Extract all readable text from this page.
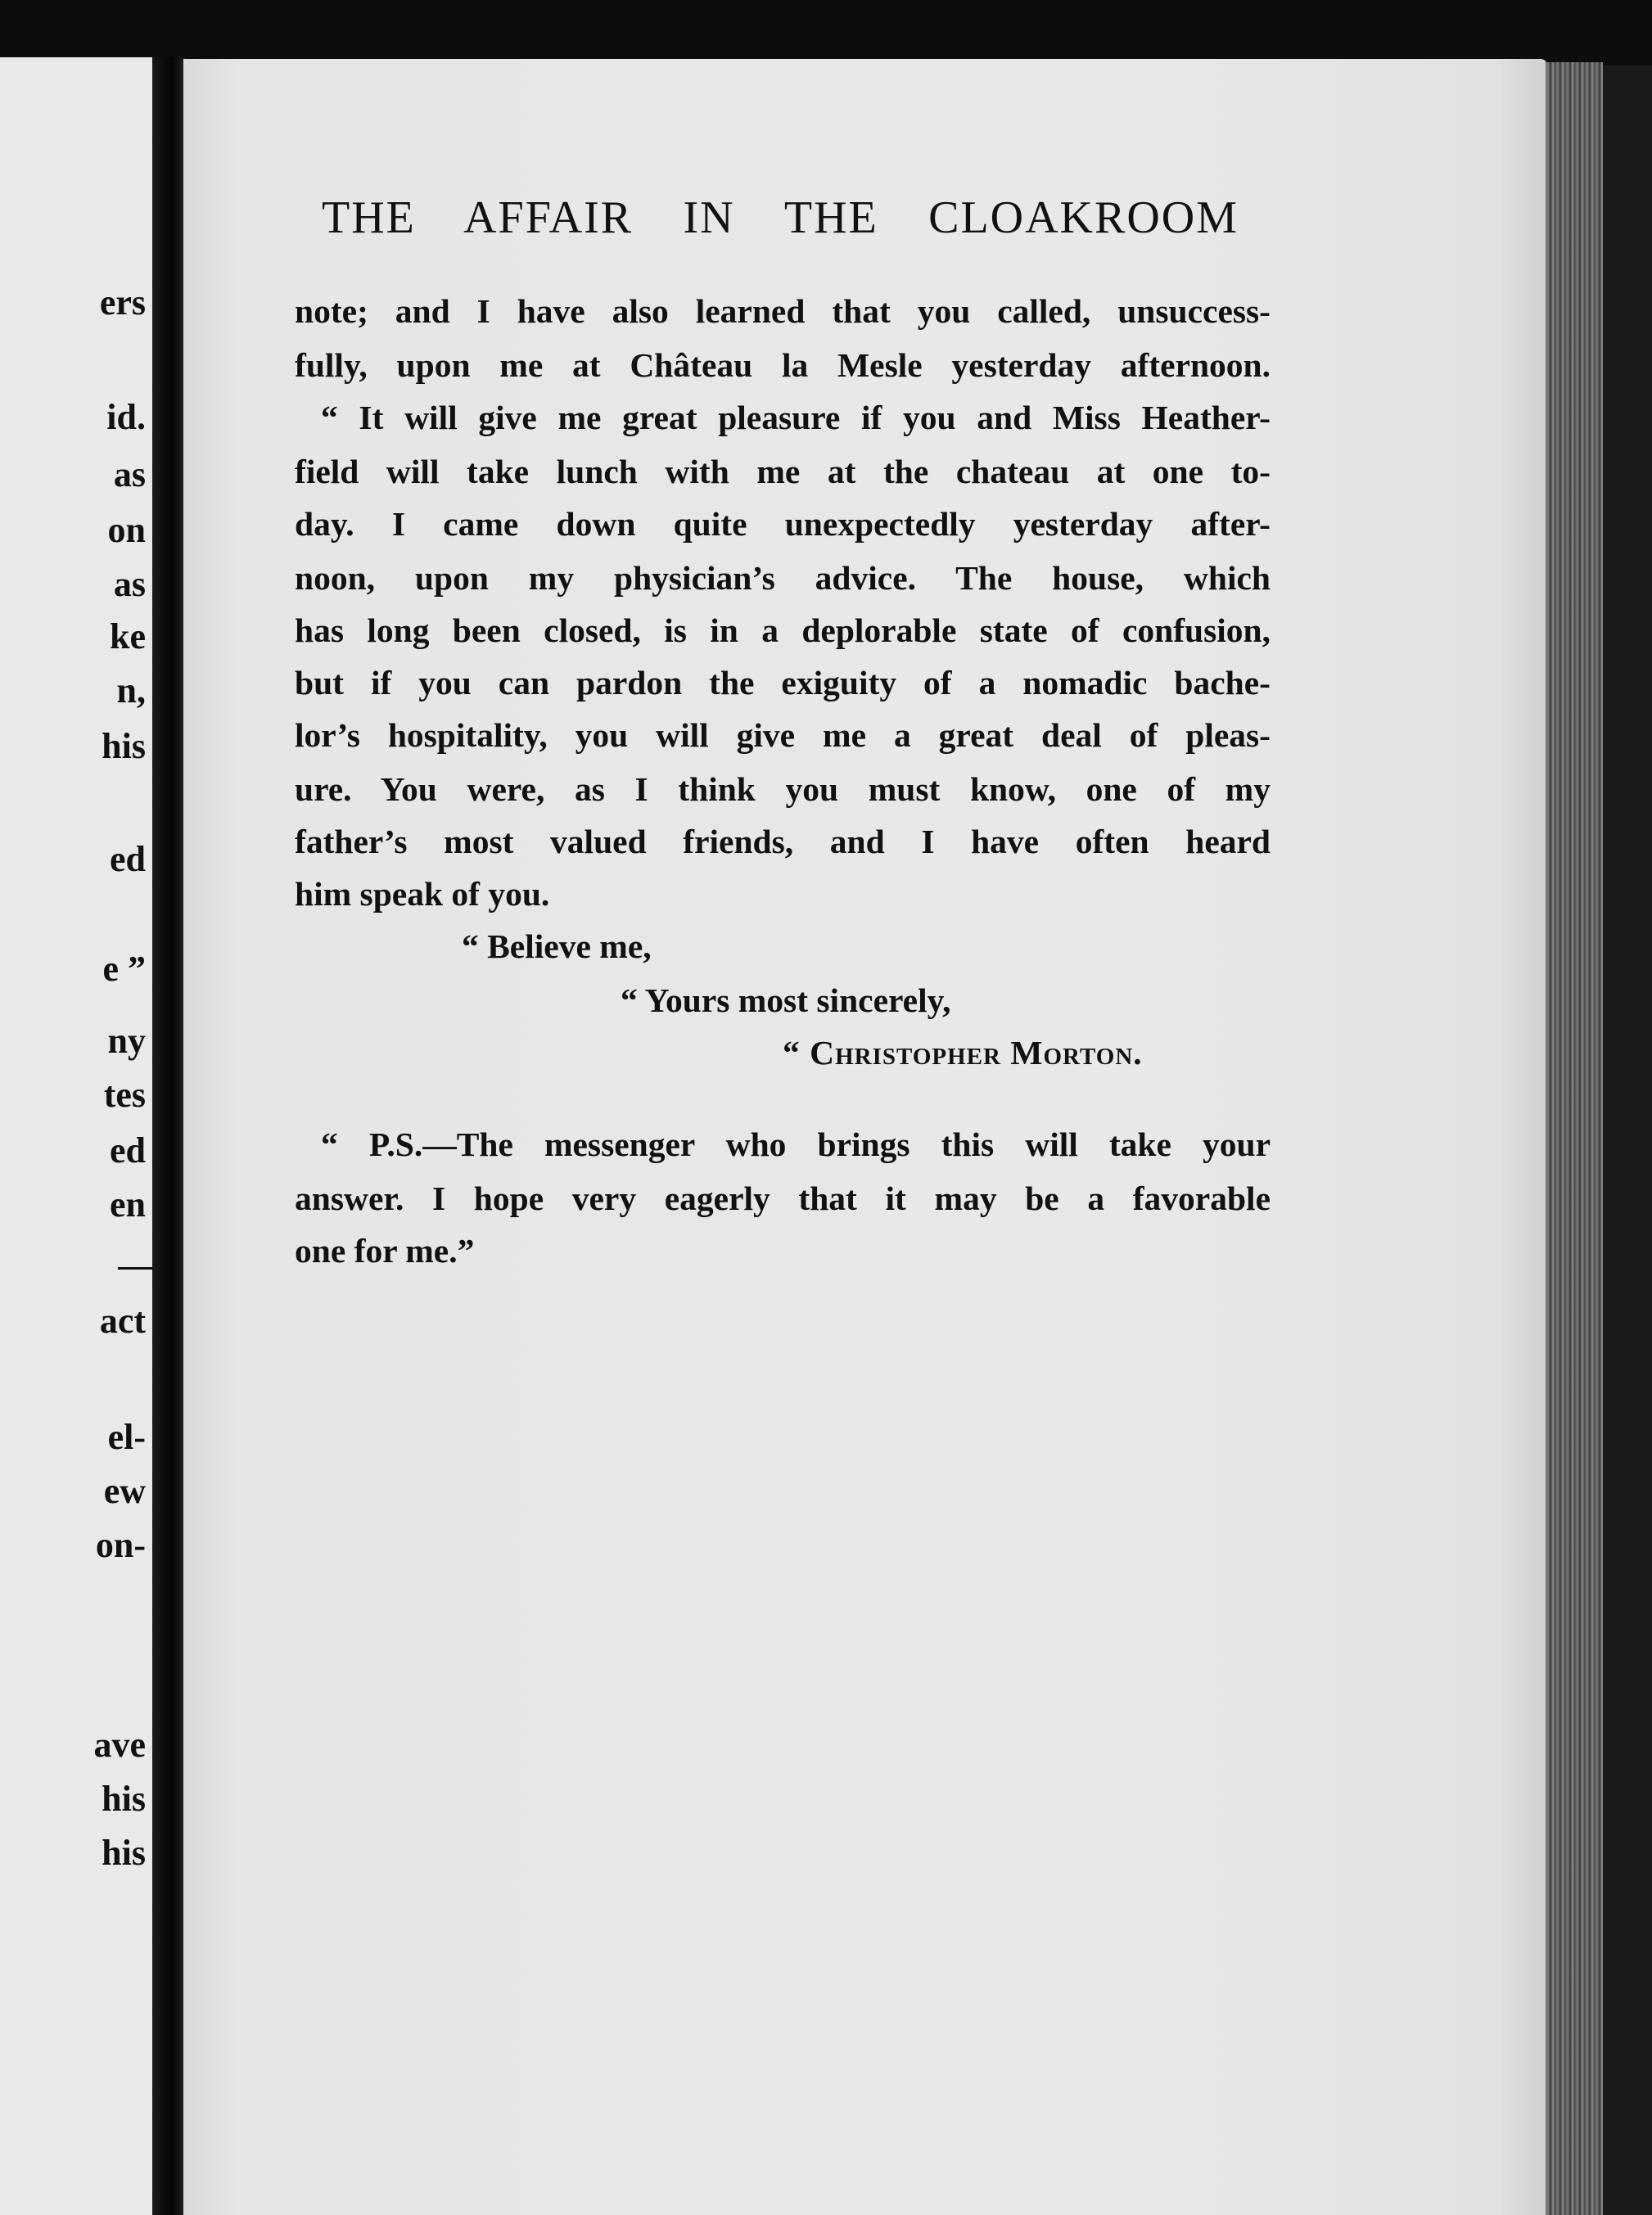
ers
id.
as
on
as
ke
n,
his
ed
e ”
ny
tes
ed
en
act
el-
ew
on-
ave
his
his
THE AFFAIR IN THE CLOAKROOM
note; and I have also learned that you called, unsuccess-
fully, upon me at Château la Mesle yesterday afternoon.
“ It will give me great pleasure if you and Miss Heather-
field will take lunch with me at the chateau at one to-
day. I came down quite unexpectedly yesterday after-
noon, upon my physician’s advice. The house, which
has long been closed, is in a deplorable state of confusion,
but if you can pardon the exiguity of a nomadic bache-
lor’s hospitality, you will give me a great deal of pleas-
ure. You were, as I think you must know, one of my
father’s most valued friends, and I have often heard
him speak of you.
“ Believe me,
“ Yours most sincerely,
“ Christopher Morton.
“ P.S.—The messenger who brings this will take your
answer. I hope very eagerly that it may be a favorable
one for me.”
